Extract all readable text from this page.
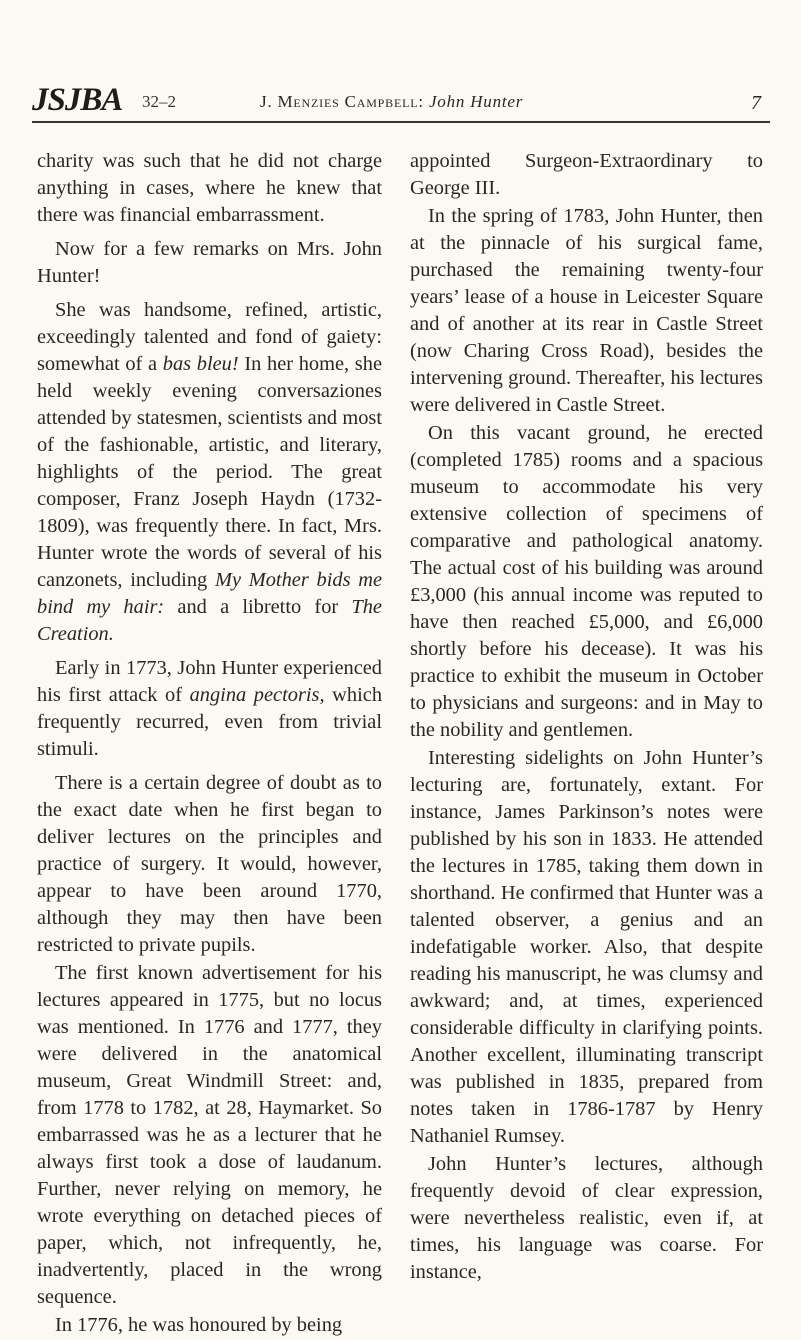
JSJBA 32–2	J. Menzies Campbell: John Hunter	7

charity was such that he did not charge anything in cases, where he knew that there was financial embarrassment.

Now for a few remarks on Mrs. John Hunter!

She was handsome, refined, artistic, exceedingly talented and fond of gaiety: somewhat of a bas bleu! In her home, she held weekly evening conversaziones attended by statesmen, scientists and most of the fashionable, artistic, and literary, highlights of the period. The great composer, Franz Joseph Haydn (1732-1809), was frequently there. In fact, Mrs. Hunter wrote the words of several of his canzonets, including My Mother bids me bind my hair: and a libretto for The Creation.

Early in 1773, John Hunter experienced his first attack of angina pectoris, which frequently recurred, even from trivial stimuli.

There is a certain degree of doubt as to the exact date when he first began to deliver lectures on the principles and practice of surgery. It would, however, appear to have been around 1770, although they may then have been restricted to private pupils.

The first known advertisement for his lectures appeared in 1775, but no locus was mentioned. In 1776 and 1777, they were delivered in the anatomical museum, Great Windmill Street: and, from 1778 to 1782, at 28, Haymarket. So embarrassed was he as a lecturer that he always first took a dose of laudanum. Further, never relying on memory, he wrote everything on detached pieces of paper, which, not infrequently, he, inadvertently, placed in the wrong sequence.

In 1776, he was honoured by being

appointed Surgeon-Extraordinary to George III.

In the spring of 1783, John Hunter, then at the pinnacle of his surgical fame, purchased the remaining twenty-four years’ lease of a house in Leicester Square and of another at its rear in Castle Street (now Charing Cross Road), besides the intervening ground. Thereafter, his lectures were delivered in Castle Street.

On this vacant ground, he erected (completed 1785) rooms and a spacious museum to accommodate his very extensive collection of specimens of comparative and pathological anatomy. The actual cost of his building was around £3,000 (his annual income was reputed to have then reached £5,000, and £6,000 shortly before his decease). It was his practice to exhibit the museum in October to physicians and surgeons: and in May to the nobility and gentlemen.

Interesting sidelights on John Hunter’s lecturing are, fortunately, extant. For instance, James Parkinson’s notes were published by his son in 1833. He attended the lectures in 1785, taking them down in shorthand. He confirmed that Hunter was a talented observer, a genius and an indefatigable worker. Also, that despite reading his manuscript, he was clumsy and awkward; and, at times, experienced considerable difficulty in clarifying points. Another excellent, illuminating transcript was published in 1835, prepared from notes taken in 1786-1787 by Henry Nathaniel Rumsey.

John Hunter’s lectures, although frequently devoid of clear expression, were nevertheless realistic, even if, at times, his language was coarse. For instance,
